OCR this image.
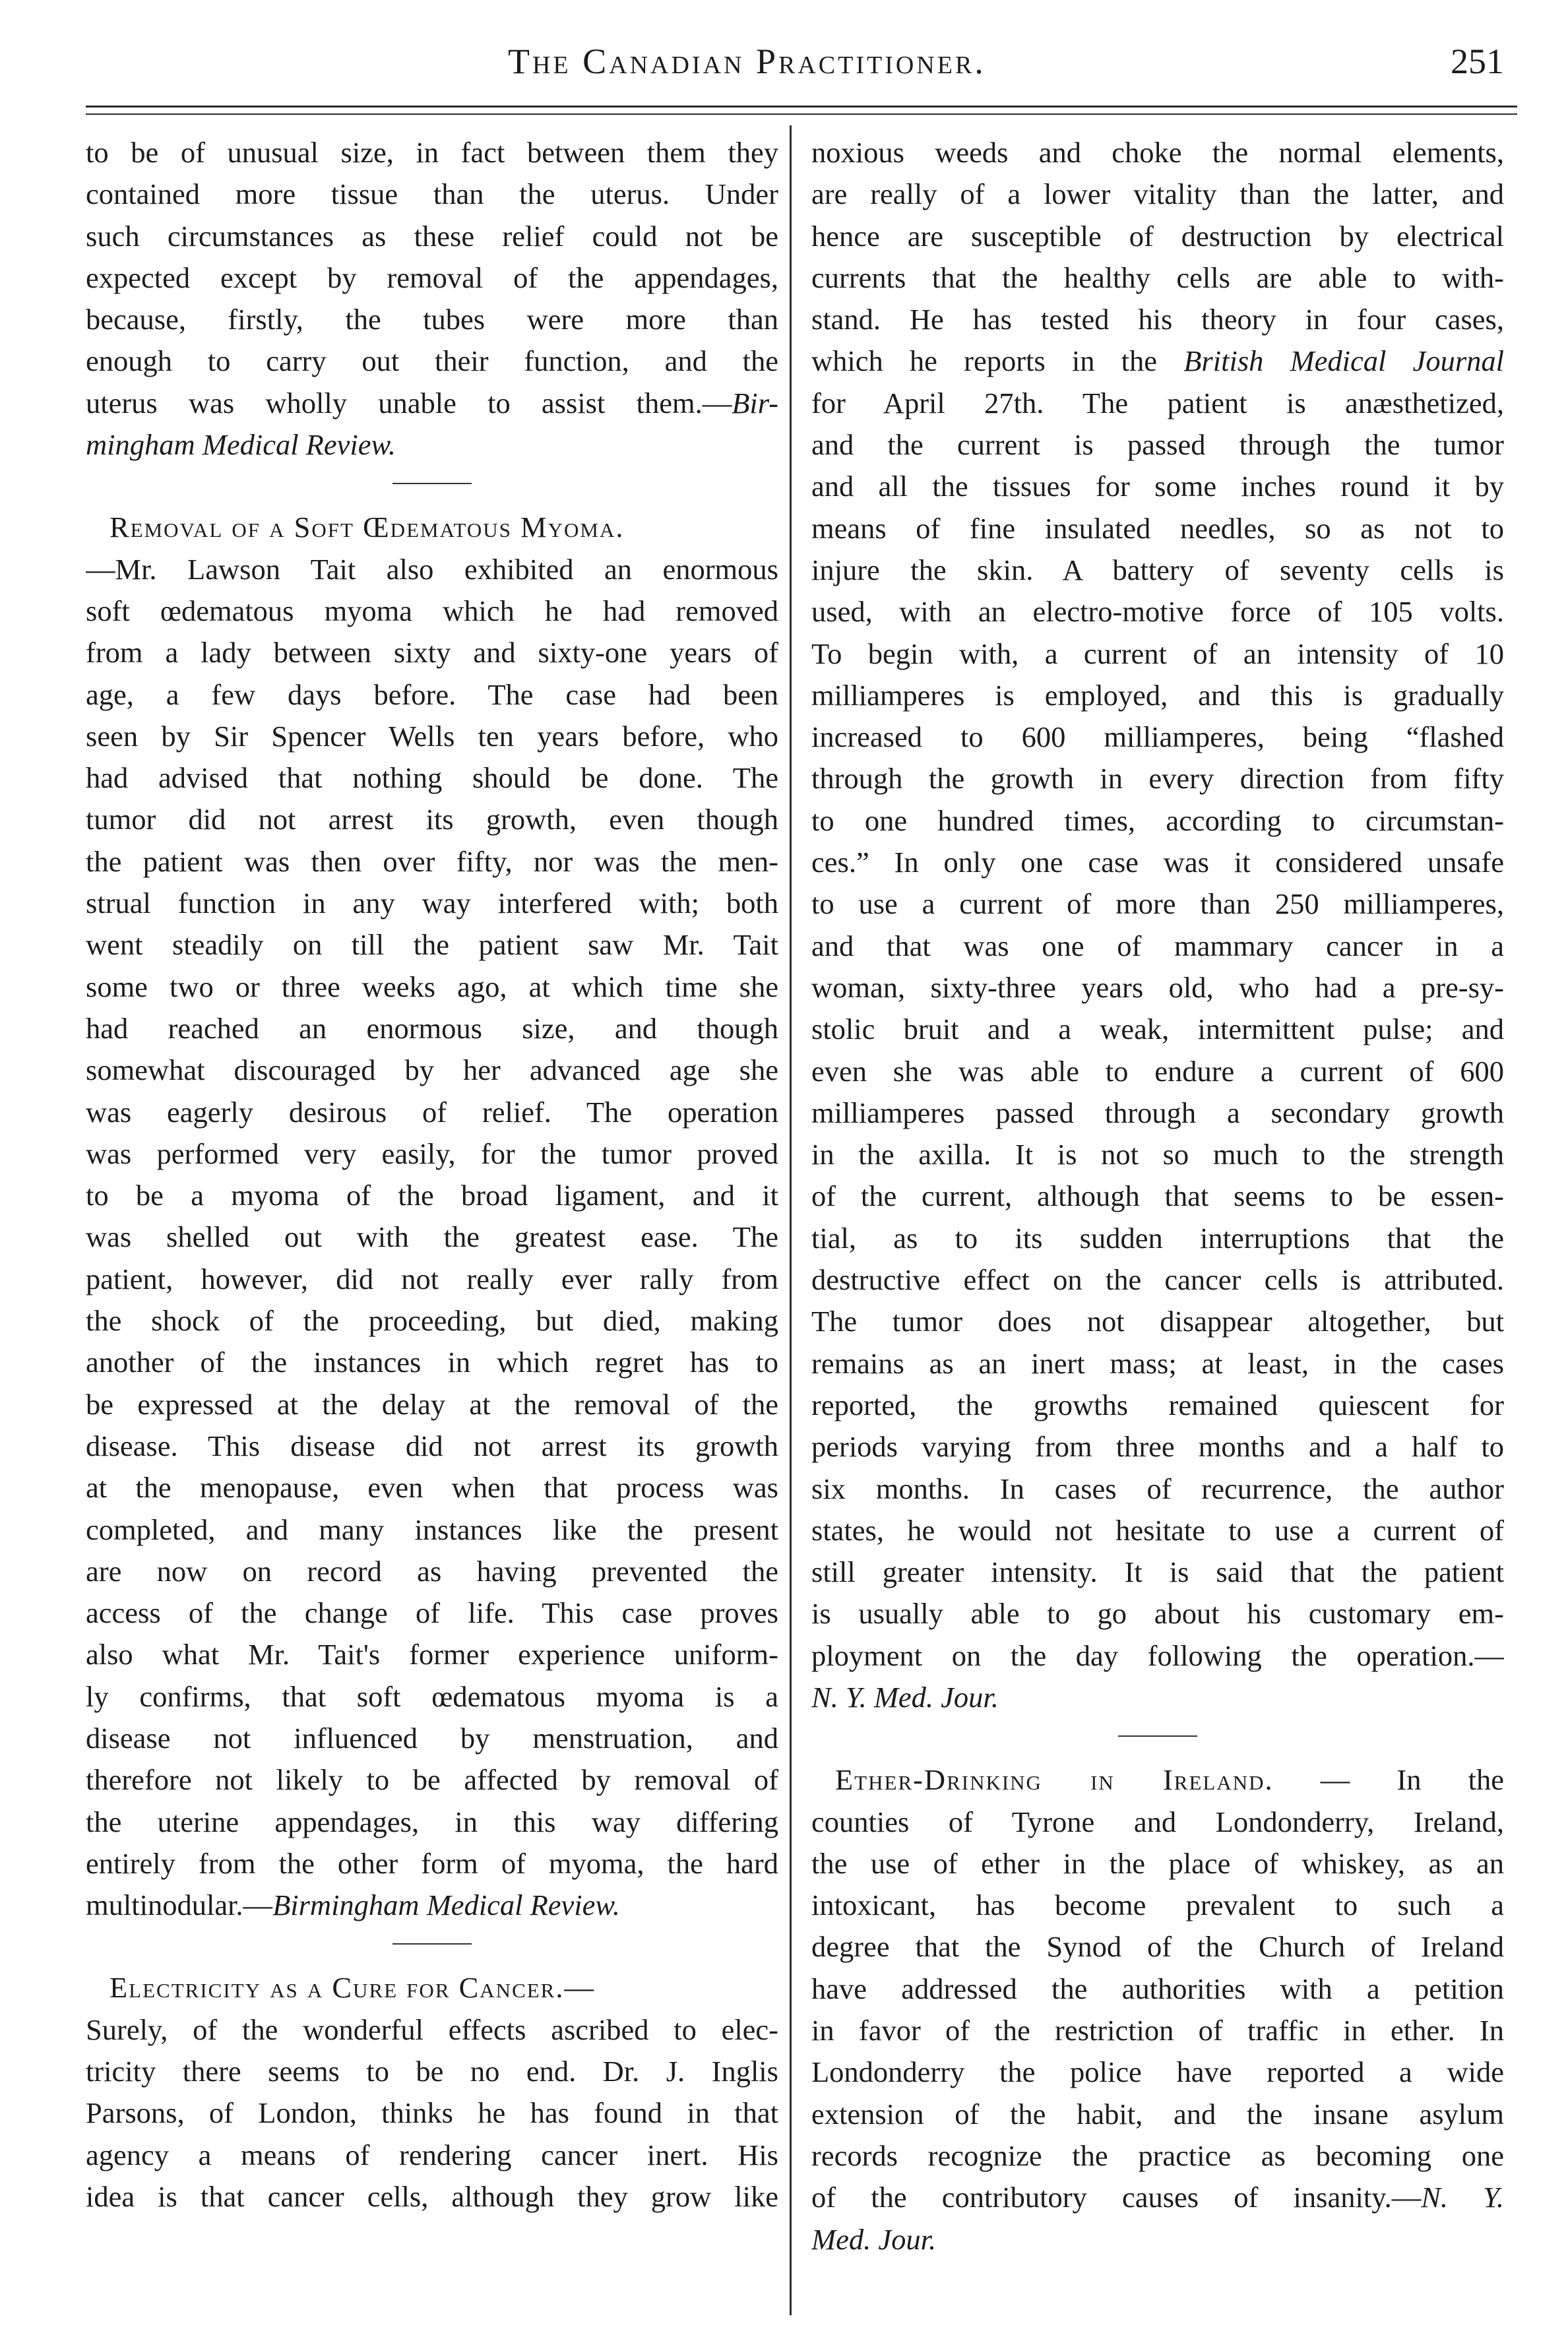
The Canadian Practitioner.	251
to be of unusual size, in fact between them they
contained more tissue than the uterus. Under
such circumstances as these relief could not be
expected except by removal of the appendages,
because, firstly, the tubes were more than
enough to carry out their function, and the
uterus was wholly unable to assist them.—Bir-
mingham Medical Review.
Removal of a Soft Œdematous Myoma.
—Mr. Lawson Tait also exhibited an enormous
soft œdematous myoma which he had removed
from a lady between sixty and sixty-one years of
age, a few days before. The case had been
seen by Sir Spencer Wells ten years before, who
had advised that nothing should be done. The
tumor did not arrest its growth, even though
the patient was then over fifty, nor was the men-
strual function in any way interfered with; both
went steadily on till the patient saw Mr. Tait
some two or three weeks ago, at which time she
had reached an enormous size, and though
somewhat discouraged by her advanced age she
was eagerly desirous of relief. The operation
was performed very easily, for the tumor proved
to be a myoma of the broad ligament, and it
was shelled out with the greatest ease. The
patient, however, did not really ever rally from
the shock of the proceeding, but died, making
another of the instances in which regret has to
be expressed at the delay at the removal of the
disease. This disease did not arrest its growth
at the menopause, even when that process was
completed, and many instances like the present
are now on record as having prevented the
access of the change of life. This case proves
also what Mr. Tait's former experience uniform-
ly confirms, that soft œdematous myoma is a
disease not influenced by menstruation, and
therefore not likely to be affected by removal of
the uterine appendages, in this way differing
entirely from the other form of myoma, the hard
multinodular.—Birmingham Medical Review.
Electricity as a Cure for Cancer.—
Surely, of the wonderful effects ascribed to elec-
tricity there seems to be no end. Dr. J. Inglis
Parsons, of London, thinks he has found in that
agency a means of rendering cancer inert. His
idea is that cancer cells, although they grow like
noxious weeds and choke the normal elements,
are really of a lower vitality than the latter, and
hence are susceptible of destruction by electrical
currents that the healthy cells are able to with-
stand. He has tested his theory in four cases,
which he reports in the British Medical Journal
for April 27th. The patient is anæsthetized,
and the current is passed through the tumor
and all the tissues for some inches round it by
means of fine insulated needles, so as not to
injure the skin. A battery of seventy cells is
used, with an electro-motive force of 105 volts.
To begin with, a current of an intensity of 10
milliamperes is employed, and this is gradually
increased to 600 milliamperes, being “flashed
through the growth in every direction from fifty
to one hundred times, according to circumstan-
ces.” In only one case was it considered unsafe
to use a current of more than 250 milliamperes,
and that was one of mammary cancer in a
woman, sixty-three years old, who had a pre-sy-
stolic bruit and a weak, intermittent pulse; and
even she was able to endure a current of 600
milliamperes passed through a secondary growth
in the axilla. It is not so much to the strength
of the current, although that seems to be essen-
tial, as to its sudden interruptions that the
destructive effect on the cancer cells is attributed.
The tumor does not disappear altogether, but
remains as an inert mass; at least, in the cases
reported, the growths remained quiescent for
periods varying from three months and a half to
six months. In cases of recurrence, the author
states, he would not hesitate to use a current of
still greater intensity. It is said that the patient
is usually able to go about his customary em-
ployment on the day following the operation.—
N. Y. Med. Jour.
Ether-Drinking in Ireland. — In the
counties of Tyrone and Londonderry, Ireland,
the use of ether in the place of whiskey, as an
intoxicant, has become prevalent to such a
degree that the Synod of the Church of Ireland
have addressed the authorities with a petition
in favor of the restriction of traffic in ether. In
Londonderry the police have reported a wide
extension of the habit, and the insane asylum
records recognize the practice as becoming one
of the contributory causes of insanity.—N. Y.
Med. Jour.
